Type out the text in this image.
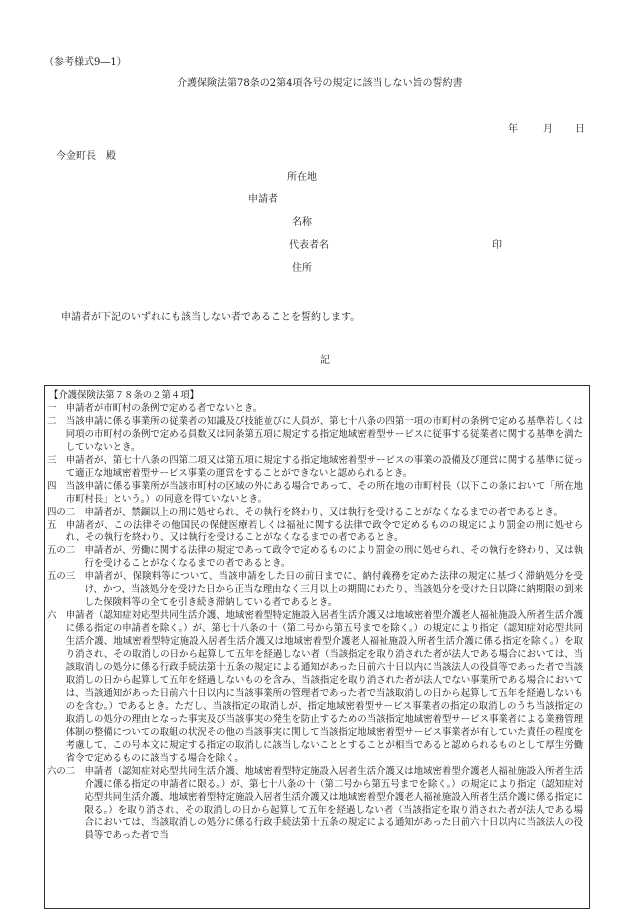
（参考様式9―1）
介護保険法第78条の2第4項各号の規定に該当しない旨の誓約書
年	月 日
今金町長　殿
所在地
申請者
名称
代表者名	印
住所
申請者が下記のいずれにも該当しない者であることを誓約します。
記
【介護保険法第７８条の２第４項】
一　 申請者が市町村の条例で定める者でないとき。
二　 当該申請に係る事業所の従業者の知識及び技能並びに人員が、第七十八条の四第一項の市町村の条例で定める基準若しくは同項の市町村の条例で定める員数又は同条第五項に規定する指定地域密着型サービスに従事する従業者に関する基準を満たしていないとき。
三　 申請者が、第七十八条の四第二項又は第五項に規定する指定地域密着型サービスの事業の設備及び運営に関する基準に従って適正な地域密着型サービス事業の運営をすることができないと認められるとき。
四　 当該申請に係る事業所が当該市町村の区域の外にある場合であって、その所在地の市町村長（以下この条において「所在地市町村長」という。）の同意を得ていないとき。
四の二　 申請者が、禁錮以上の刑に処せられ、その執行を終わり、又は執行を受けることがなくなるまでの者であるとき。
五　 申請者が、この法律その他国民の保健医療若しくは福祉に関する法律で政令で定めるものの規定により罰金の刑に処せられ、その執行を終わり、又は執行を受けることがなくなるまでの者であるとき。
五の二　 申請者が、労働に関する法律の規定であって政令で定めるものにより罰金の刑に処せられ、その執行を終わり、又は執行を受けることがなくなるまでの者であるとき。
五の三　 申請者が、保険料等について、当該申請をした日の前日までに、納付義務を定めた法律の規定に基づく滞納処分を受け、かつ、当該処分を受けた日から正当な理由なく三月以上の期間にわたり、当該処分を受けた日以降に納期限の到来した保険料等の全てを引き続き滞納している者であるとき。
六　 申請者（認知症対応型共同生活介護、地域密着型特定施設入居者生活介護又は地域密着型介護老人福祉施設入所者生活介護に係る指定の申請者を除く。）が、第七十八条の十（第二号から第五号までを除く。）の規定により指定（認知症対応型共同生活介護、地域密着型特定施設入居者生活介護又は地域密着型介護老人福祉施設入所者生活介護に係る指定を除く。）を取り消され、その取消しの日から起算して五年を経過しない者（当該指定を取り消された者が法人である場合においては、当該取消しの処分に係る行政手続法第十五条の規定による通知があった日前六十日以内に当該法人の役員等であった者で当該取消しの日から起算して五年を経過しないものを含み、当該指定を取り消された者が法人でない事業所である場合においては、当該通知があった日前六十日以内に当該事業所の管理者であった者で当該取消しの日から起算して五年を経過しないものを含む。）であるとき。ただし、当該指定の取消しが、指定地域密着型サービス事業者の指定の取消しのうち当該指定の取消しの処分の理由となった事実及び当該事実の発生を防止するための当該指定地域密着型サービス事業者による業務管理体制の整備についての取組の状況その他の当該事実に関して当該指定地域密着型サービス事業者が有していた責任の程度を考慮して、この号本文に規定する指定の取消しに該当しないこととすることが相当であると認められるものとして厚生労働省令で定めるものに該当する場合を除く。
六の二　 申請者（認知症対応型共同生活介護、地域密着型特定施設入居者生活介護又は地域密着型介護老人福祉施設入所者生活介護に係る指定の申請者に限る。）が、第七十八条の十（第二号から第五号までを除く。）の規定により指定（認知症対応型共同生活介護、地域密着型特定施設入居者生活介護又は地域密着型介護老人福祉施設入所者生活介護に係る指定に限る。）を取り消され、その取消しの日から起算して五年を経過しない者（当該指定を取り消された者が法人である場合においては、当該取消しの処分に係る行政手続法第十五条の規定による通知があった日前六十日以内に当該法人の役員等であった者で当
